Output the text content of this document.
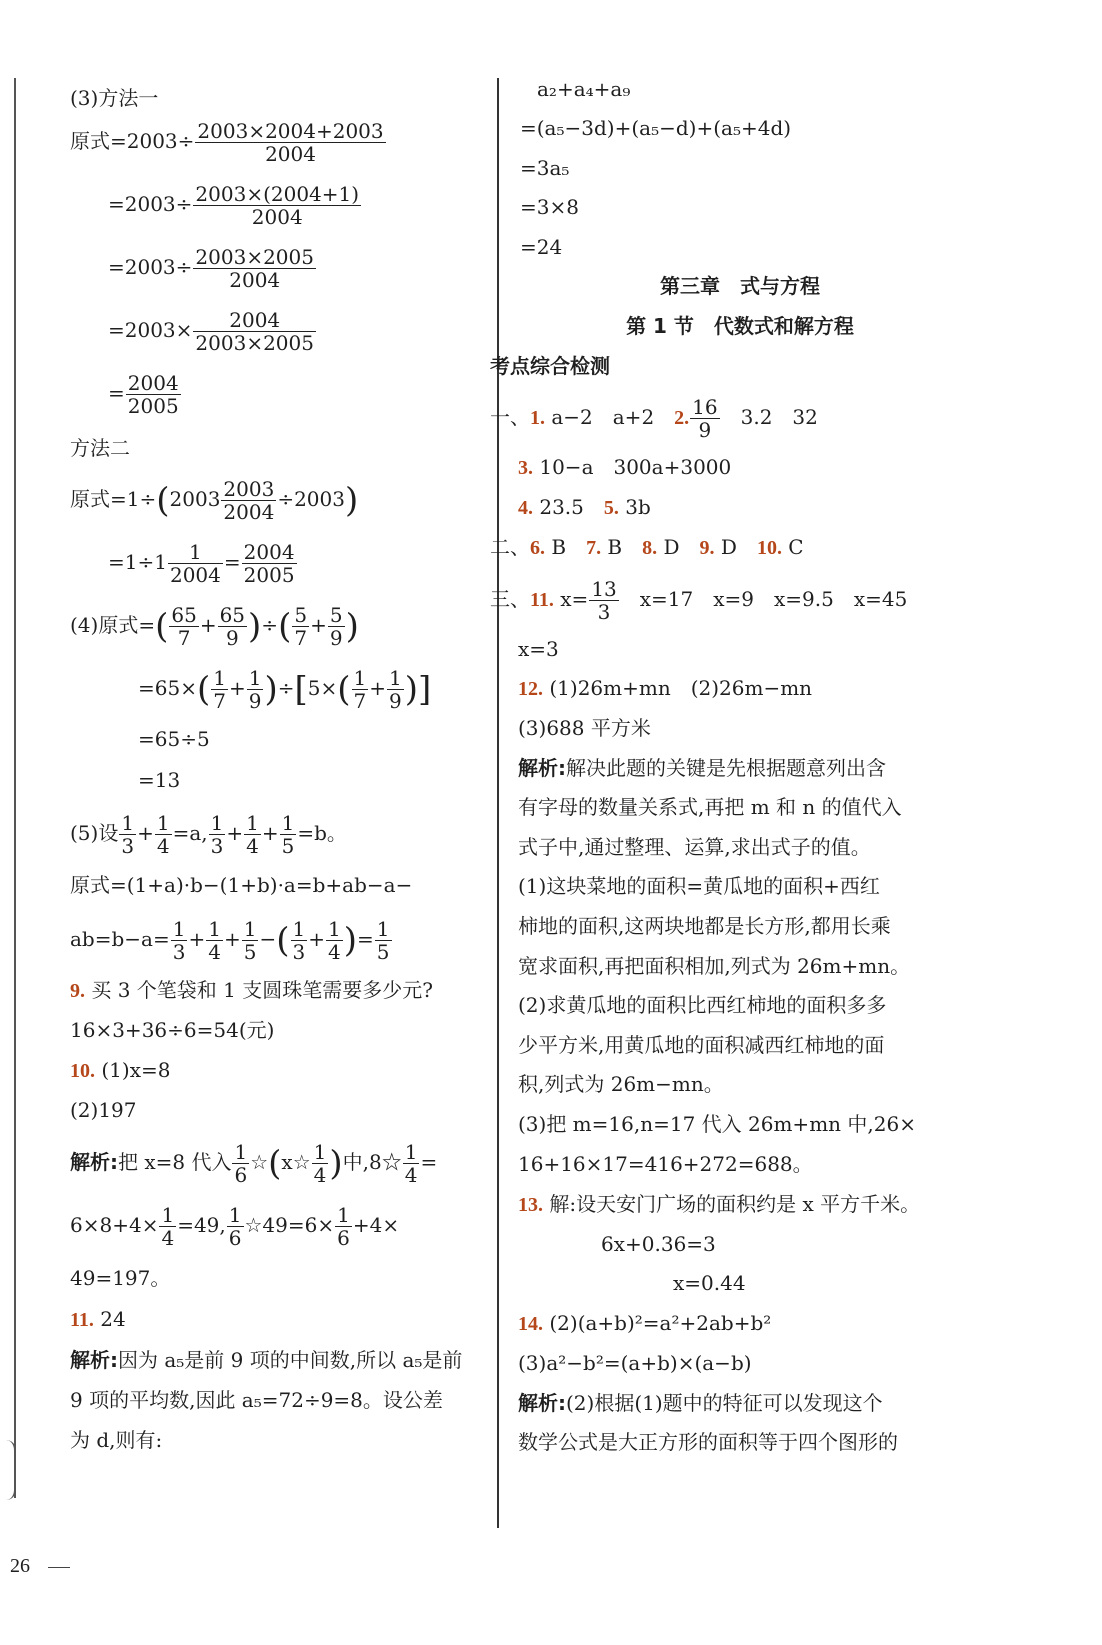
(3)方法一
原式$=2003\div \frac{2003\times 2004+2003}{2004}$
$=2003\div \frac{2003\times(2004+1)}{2004}$
$=2003\div \frac{2003\times 2005}{2004}$
$=2003\times \frac{2004}{2003\times 2005}$
= $\frac{2004}{2005}$
方法二
原式$=1\div(2003 \frac{2003}{2004} \div 2003)$
$=1\div 1 \frac{1}{2004} = \frac{2004}{2005}$
(4)原式=( $\frac{65}{7} + \frac{65}{9}$ )÷( $\frac{5}{7} + \frac{5}{9}$ )
$=65\times( \frac{1}{7} + \frac{1}{9} )\div[5\times( \frac{1}{7} + \frac{1}{9}$ )]
=65÷5
=13
(5)设 $\frac{1}{3} + \frac{1}{4} =a$, $\frac{1}{3} + \frac{1}{4} + \frac{1}{5} =b$。
原式=(1+a)·b−(1+b)·a=b+ab−a−
$ab=b-a= \frac{1}{3} + \frac{1}{4} + \frac{1}{5}$ −( $\frac{1}{3} + \frac{1}{4}$ )= $\frac{1}{5}$
9. 买 3 个笔袋和 1 支圆珠笔需要多少元?
16×3+36÷6=54(元)
10. (1)x=8
(2)197
解析:把 x=8 代入 $\frac{1}{6}$ ☆(x☆ $\frac{1}{4}$ )中,8☆ $\frac{1}{4}$ =
$6\times 8+4\times \frac{1}{4} =49$, $\frac{1}{6}$ ☆49=6× $\frac{1}{6} +4\times$
49=197。
11. 24
解析:因为 a₅是前 9 项的中间数,所以 a₅是前
9 项的平均数,因此 a₅=72÷9=8。设公差
为 d,则有:
a₂+a₄+a₉
=(a₅−3d)+(a₅−d)+(a₅+4d)
=3a₅
=3×8
=24
第三章　式与方程
第 1 节　代数式和解方程
考点综合检测
一、1. a−2　a+2　2. $\frac{16}{9}$ 　3.2　32
3. 10−a　300a+3000
4. 23.5　5. 3b
二、6. B　7. B　8. D　9. D　10. C
三、11. $x= \frac{13}{3}$ 　x=17　x=9　x=9.5　x=45
x=3
12. (1)26m+mn　(2)26m−mn
(3)688 平方米
解析:解决此题的关键是先根据题意列出含
有字母的数量关系式,再把 m 和 n 的值代入
式子中,通过整理、运算,求出式子的值。
(1)这块菜地的面积=黄瓜地的面积+西红
柿地的面积,这两块地都是长方形,都用长乘
宽求面积,再把面积相加,列式为 26m+mn。
(2)求黄瓜地的面积比西红柿地的面积多多
少平方米,用黄瓜地的面积减西红柿地的面
积,列式为 26m−mn。
(3)把 m=16,n=17 代入 26m+mn 中,26×
16+16×17=416+272=688。
13. 解:设天安门广场的面积约是 x 平方千米。
6x+0.36=3
x=0.44
14. (2)(a+b)²=a²+2ab+b²
(3)a²−b²=(a+b)×(a−b)
解析:(2)根据(1)题中的特征可以发现这个
数学公式是大正方形的面积等于四个图形的
26
